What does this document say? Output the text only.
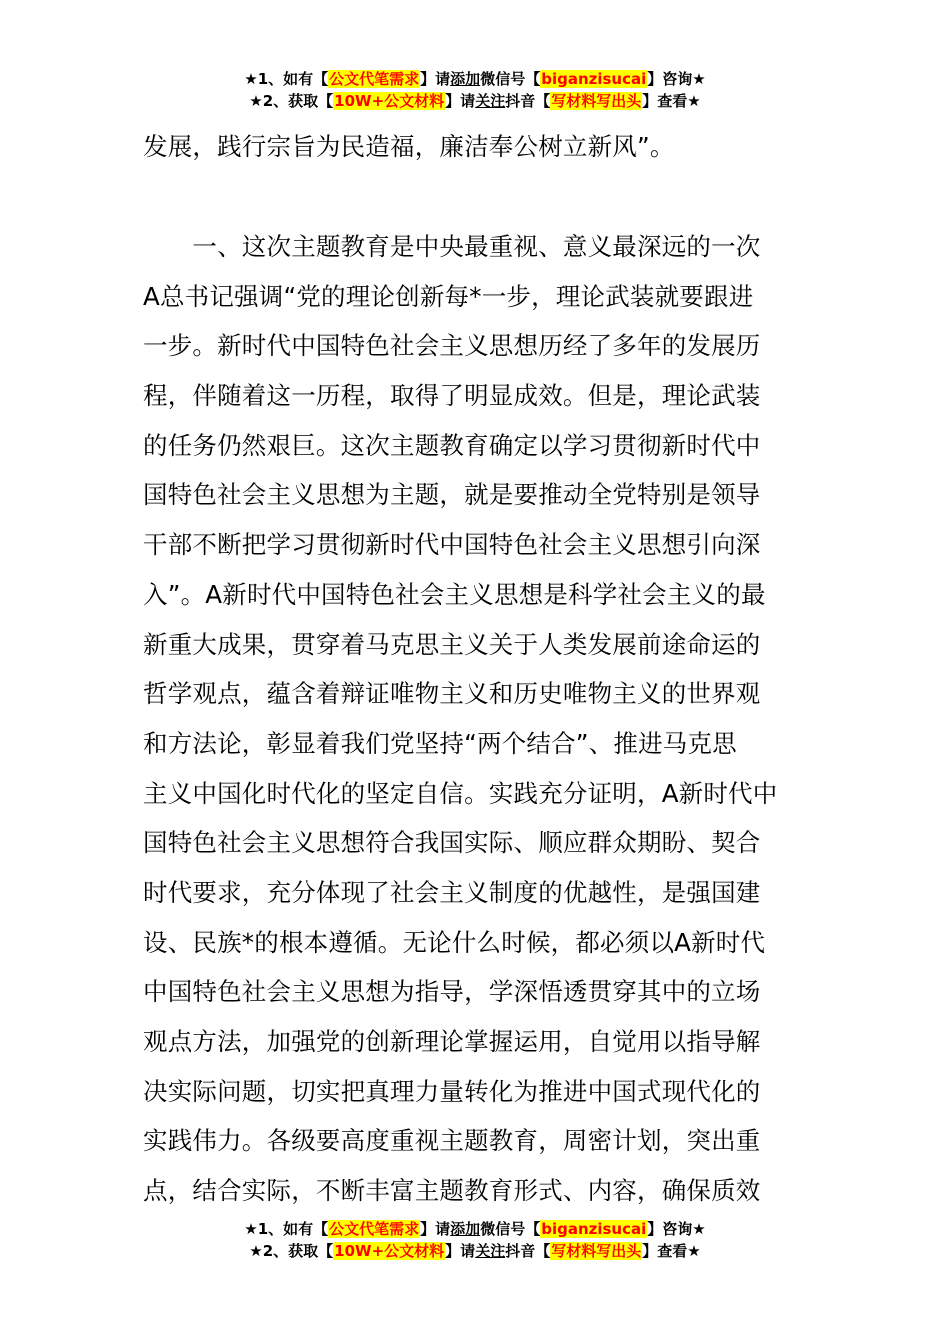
★1、如有【公文代笔需求】请添加微信号【biganzisucai】咨询★
★2、获取【10W+公文材料】请关注抖音【写材料写出头】查看★
发展，践行宗旨为民造福，廉洁奉公树立新风”。
　　一、这次主题教育是中央最重视、意义最深远的一次
A总书记强调“党的理论创新每*一步，理论武装就要跟进
一步。新时代中国特色社会主义思想历经了多年的发展历
程，伴随着这一历程，取得了明显成效。但是，理论武装
的任务仍然艰巨。这次主题教育确定以学习贯彻新时代中
国特色社会主义思想为主题，就是要推动全党特别是领导
干部不断把学习贯彻新时代中国特色社会主义思想引向深
入”。A新时代中国特色社会主义思想是科学社会主义的最
新重大成果，贯穿着马克思主义关于人类发展前途命运的
哲学观点，蕴含着辩证唯物主义和历史唯物主义的世界观
和方法论，彰显着我们党坚持“两个结合”、推进马克思
主义中国化时代化的坚定自信。实践充分证明，A新时代中
国特色社会主义思想符合我国实际、顺应群众期盼、契合
时代要求，充分体现了社会主义制度的优越性，是强国建
设、民族*的根本遵循。无论什么时候，都必须以A新时代
中国特色社会主义思想为指导，学深悟透贯穿其中的立场
观点方法，加强党的创新理论掌握运用，自觉用以指导解
决实际问题，切实把真理力量转化为推进中国式现代化的
实践伟力。各级要高度重视主题教育，周密计划，突出重
点，结合实际，不断丰富主题教育形式、内容，确保质效
★1、如有【公文代笔需求】请添加微信号【biganzisucai】咨询★
★2、获取【10W+公文材料】请关注抖音【写材料写出头】查看★
